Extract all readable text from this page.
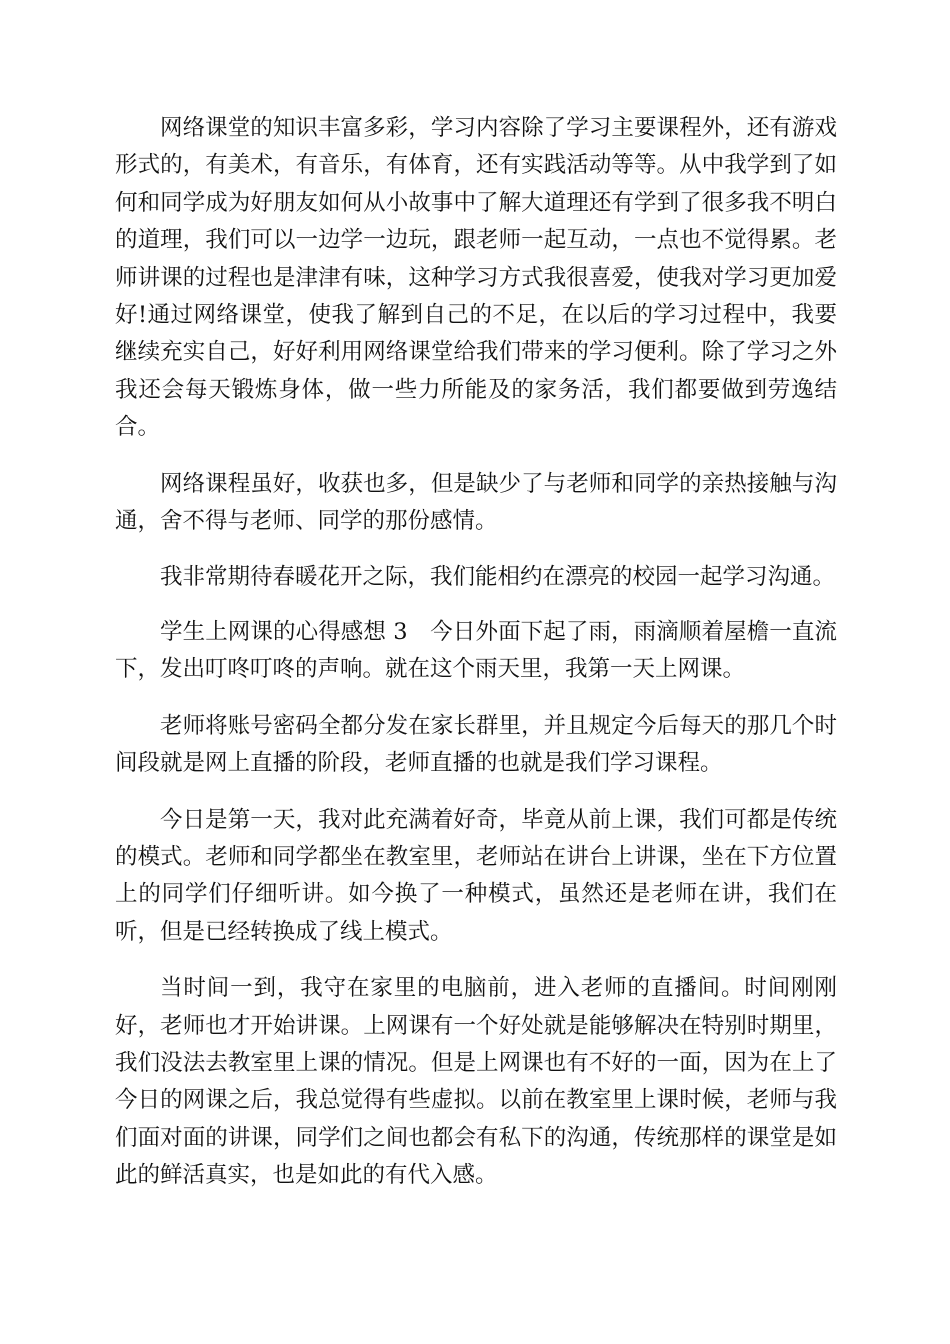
网络课堂的知识丰富多彩，学习内容除了学习主要课程外，还有游戏形式的，有美术，有音乐，有体育，还有实践活动等等。从中我学到了如何和同学成为好朋友如何从小故事中了解大道理还有学到了很多我不明白的道理，我们可以一边学一边玩，跟老师一起互动，一点也不觉得累。老师讲课的过程也是津津有味，这种学习方式我很喜爱，使我对学习更加爱好!通过网络课堂，使我了解到自己的不足，在以后的学习过程中，我要继续充实自己，好好利用网络课堂给我们带来的学习便利。除了学习之外我还会每天锻炼身体，做一些力所能及的家务活，我们都要做到劳逸结合。

网络课程虽好，收获也多，但是缺少了与老师和同学的亲热接触与沟通，舍不得与老师、同学的那份感情。

我非常期待春暖花开之际，我们能相约在漂亮的校园一起学习沟通。

学生上网课的心得感想 3　今日外面下起了雨，雨滴顺着屋檐一直流下，发出叮咚叮咚的声响。就在这个雨天里，我第一天上网课。

老师将账号密码全都分发在家长群里，并且规定今后每天的那几个时间段就是网上直播的阶段，老师直播的也就是我们学习课程。

今日是第一天，我对此充满着好奇，毕竟从前上课，我们可都是传统的模式。老师和同学都坐在教室里，老师站在讲台上讲课，坐在下方位置上的同学们仔细听讲。如今换了一种模式，虽然还是老师在讲，我们在听，但是已经转换成了线上模式。

当时间一到，我守在家里的电脑前，进入老师的直播间。时间刚刚好，老师也才开始讲课。上网课有一个好处就是能够解决在特别时期里，我们没法去教室里上课的情况。但是上网课也有不好的一面，因为在上了今日的网课之后，我总觉得有些虚拟。以前在教室里上课时候，老师与我们面对面的讲课，同学们之间也都会有私下的沟通，传统那样的课堂是如此的鲜活真实，也是如此的有代入感。
